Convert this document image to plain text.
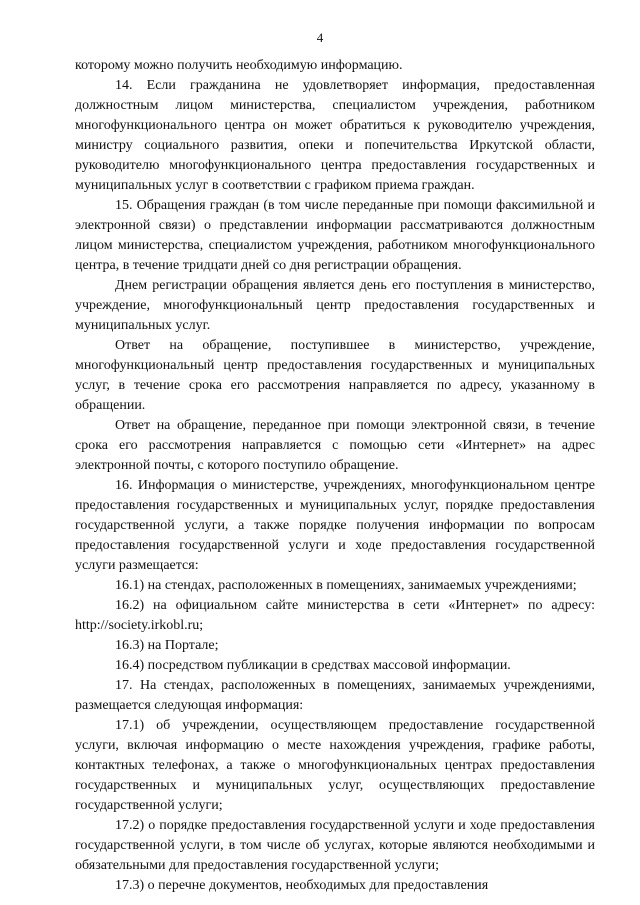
4

которому можно получить необходимую информацию.

14. Если гражданина не удовлетворяет информация, предоставленная должностным лицом министерства, специалистом учреждения, работником многофункционального центра он может обратиться к руководителю учреждения, министру социального развития, опеки и попечительства Иркутской области, руководителю многофункционального центра предоставления государственных и муниципальных услуг в соответствии с графиком приема граждан.

15. Обращения граждан (в том числе переданные при помощи факсимильной и электронной связи) о представлении информации рассматриваются должностным лицом министерства, специалистом учреждения, работником многофункционального центра, в течение тридцати дней со дня регистрации обращения.

Днем регистрации обращения является день его поступления в министерство, учреждение, многофункциональный центр предоставления государственных и муниципальных услуг.

Ответ на обращение, поступившее в министерство, учреждение, многофункциональный центр предоставления государственных и муниципальных услуг, в течение срока его рассмотрения направляется по адресу, указанному в обращении.

Ответ на обращение, переданное при помощи электронной связи, в течение срока его рассмотрения направляется с помощью сети «Интернет» на адрес электронной почты, с которого поступило обращение.

16. Информация о министерстве, учреждениях, многофункциональном центре предоставления государственных и муниципальных услуг, порядке предоставления государственной услуги, а также порядке получения информации по вопросам предоставления государственной услуги и ходе предоставления государственной услуги размещается:

16.1) на стендах, расположенных в помещениях, занимаемых учреждениями;

16.2) на официальном сайте министерства в сети «Интернет» по адресу: http://society.irkobl.ru;

16.3) на Портале;

16.4) посредством публикации в средствах массовой информации.

17. На стендах, расположенных в помещениях, занимаемых учреждениями, размещается следующая информация:

17.1) об учреждении, осуществляющем предоставление государственной услуги, включая информацию о месте нахождения учреждения, графике работы, контактных телефонах, а также о многофункциональных центрах предоставления государственных и муниципальных услуг, осуществляющих предоставление государственной услуги;

17.2) о порядке предоставления государственной услуги и ходе предоставления государственной услуги, в том числе об услугах, которые являются необходимыми и обязательными для предоставления государственной услуги;

17.3) о перечне документов, необходимых для предоставления
